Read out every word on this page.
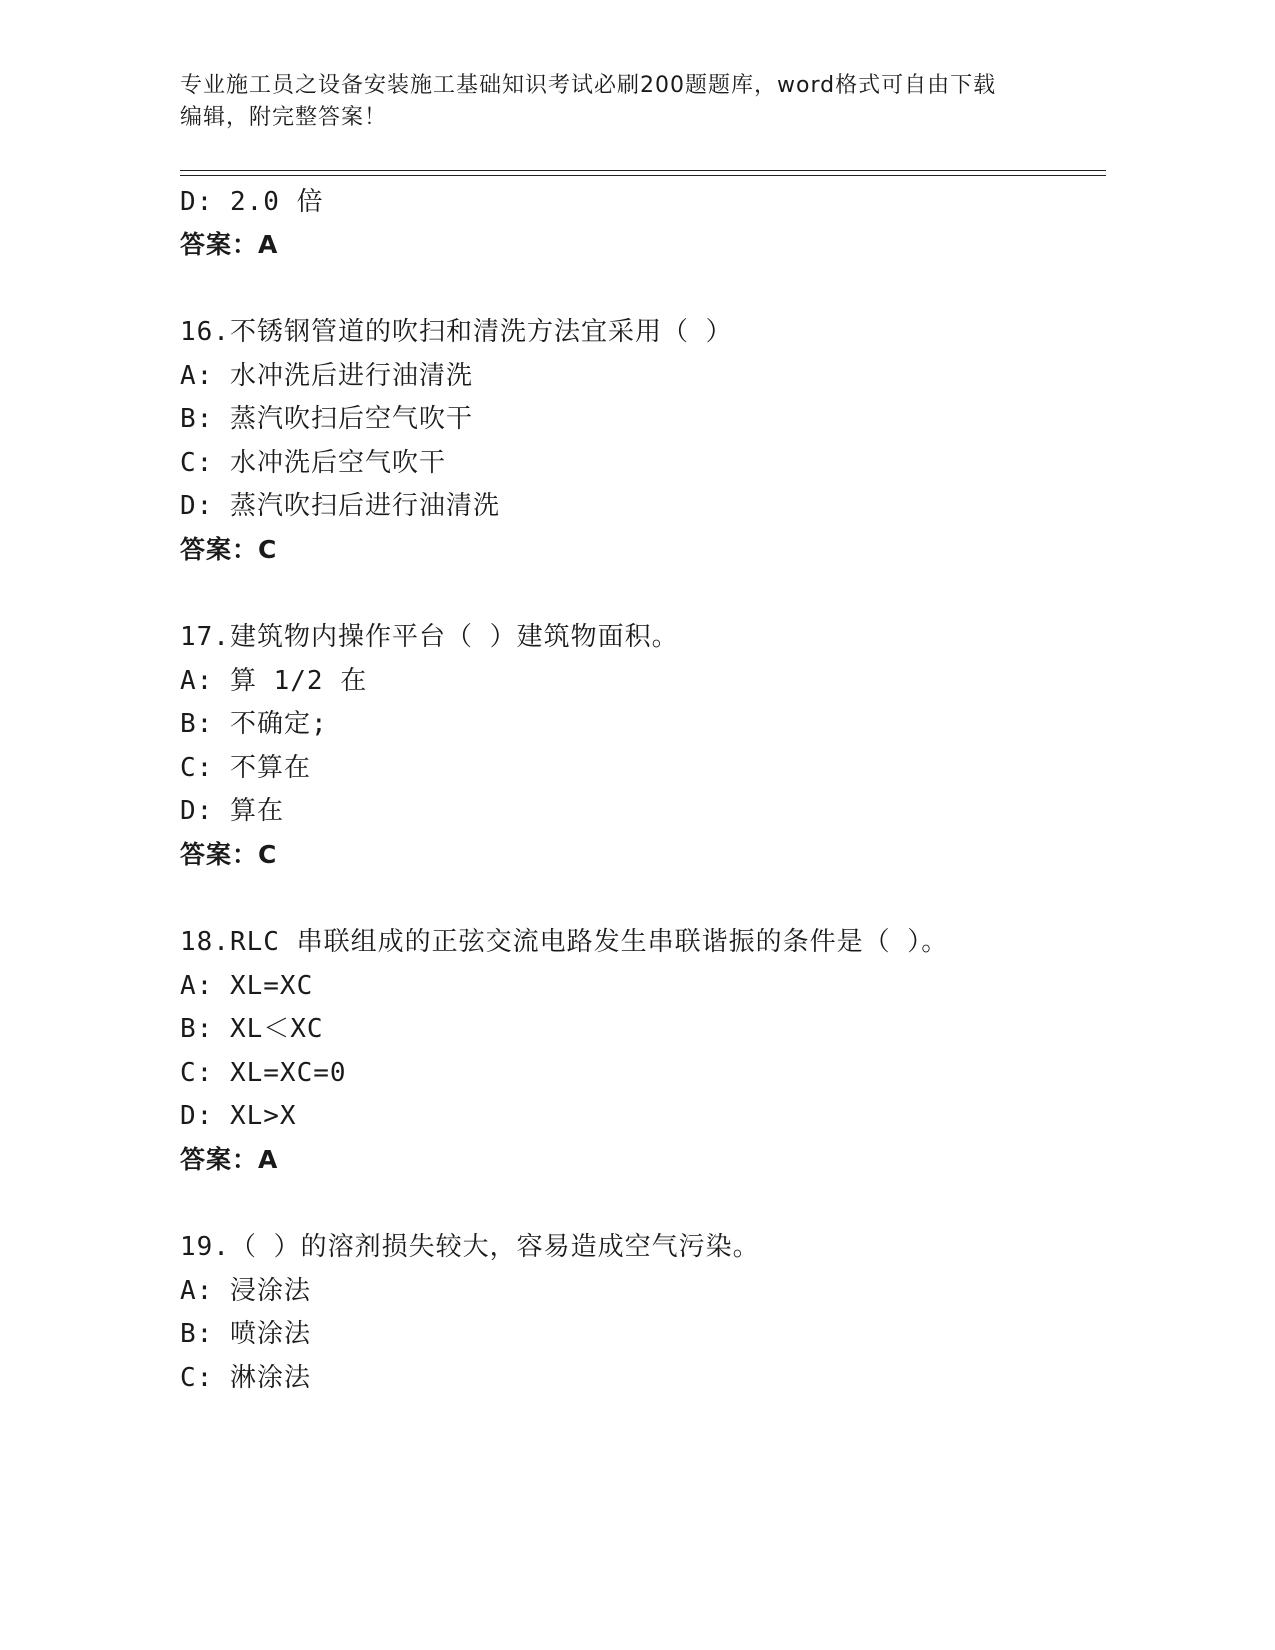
专业施工员之设备安装施工基础知识考试必刷200题题库，word格式可自由下载
编辑，附完整答案！
D: 2.0 倍
答案：A
16.不锈钢管道的吹扫和清洗方法宜采用（ ）
A: 水冲洗后进行油清洗
B: 蒸汽吹扫后空气吹干
C: 水冲洗后空气吹干
D: 蒸汽吹扫后进行油清洗
答案：C
17.建筑物内操作平台（ ）建筑物面积。
A: 算 1/2 在
B: 不确定;
C: 不算在
D: 算在
答案：C
18.RLC 串联组成的正弦交流电路发生串联谐振的条件是（ ）。
A: XL=XC
B: XL＜XC
C: XL=XC=0
D: XL>X
答案：A
19.（ ）的溶剂损失较大，容易造成空气污染。
A: 浸涂法
B: 喷涂法
C: 淋涂法
